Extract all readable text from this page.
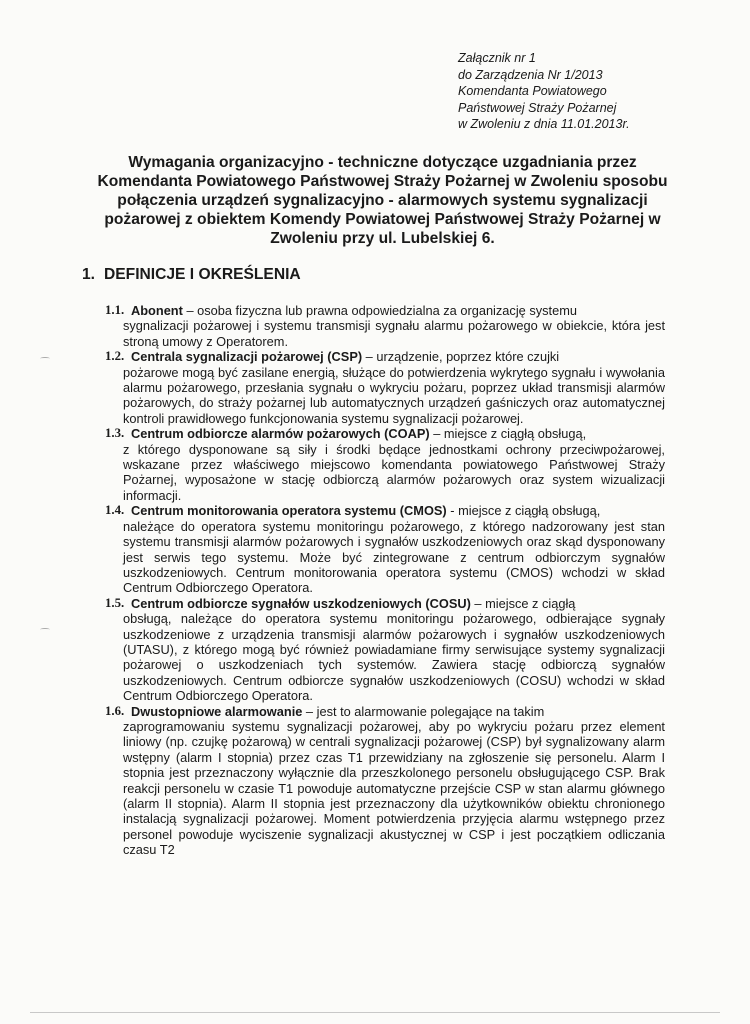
Załącznik nr 1
do Zarządzenia Nr 1/2013
Komendanta Powiatowego
Państwowej Straży Pożarnej
w Zwoleniu z dnia 11.01.2013r.
Wymagania organizacyjno - techniczne dotyczące uzgadniania przez Komendanta Powiatowego Państwowej Straży Pożarnej w Zwoleniu sposobu połączenia urządzeń sygnalizacyjno - alarmowych systemu sygnalizacji pożarowej z obiektem Komendy Powiatowej Państwowej Straży Pożarnej w Zwoleniu przy ul. Lubelskiej 6.
1. DEFINICJE I OKREŚLENIA
1.1. Abonent – osoba fizyczna lub prawna odpowiedzialna za organizację systemu
sygnalizacji pożarowej i systemu transmisji sygnału alarmu pożarowego w obiekcie, która jest stroną umowy z Operatorem.
1.2. Centrala sygnalizacji pożarowej (CSP) – urządzenie, poprzez które czujki
pożarowe mogą być zasilane energią, służące do potwierdzenia wykrytego sygnału i wywołania alarmu pożarowego, przesłania sygnału o wykryciu pożaru, poprzez układ transmisji alarmów pożarowych, do straży pożarnej lub automatycznych urządzeń gaśniczych oraz automatycznej kontroli prawidłowego funkcjonowania systemu sygnalizacji pożarowej.
1.3. Centrum odbiorcze alarmów pożarowych (COAP) – miejsce z ciągłą obsługą,
z którego dysponowane są siły i środki będące jednostkami ochrony przeciwpożarowej, wskazane przez właściwego miejscowo komendanta powiatowego Państwowej Straży Pożarnej, wyposażone w stację odbiorczą alarmów pożarowych oraz system wizualizacji informacji.
1.4. Centrum monitorowania operatora systemu (CMOS) - miejsce z ciągłą obsługą,
należące do operatora systemu monitoringu pożarowego, z którego nadzorowany jest stan systemu transmisji alarmów pożarowych i sygnałów uszkodzeniowych oraz skąd dysponowany jest serwis tego systemu. Może być zintegrowane z centrum odbiorczym sygnałów uszkodzeniowych. Centrum monitorowania operatora systemu (CMOS) wchodzi w skład Centrum Odbiorczego Operatora.
1.5. Centrum odbiorcze sygnałów uszkodzeniowych (COSU) – miejsce z ciągłą
obsługą, należące do operatora systemu monitoringu pożarowego, odbierające sygnały uszkodzeniowe z urządzenia transmisji alarmów pożarowych i sygnałów uszkodzeniowych (UTASU), z którego mogą być również powiadamiane firmy serwisujące systemy sygnalizacji pożarowej o uszkodzeniach tych systemów. Zawiera stację odbiorczą sygnałów uszkodzeniowych. Centrum odbiorcze sygnałów uszkodzeniowych (COSU) wchodzi w skład Centrum Odbiorczego Operatora.
1.6. Dwustopniowe alarmowanie – jest to alarmowanie polegające na takim
zaprogramowaniu systemu sygnalizacji pożarowej, aby po wykryciu pożaru przez element liniowy (np. czujkę pożarową) w centrali sygnalizacji pożarowej (CSP) był sygnalizowany alarm wstępny (alarm I stopnia) przez czas T1 przewidziany na zgłoszenie się personelu. Alarm I stopnia jest przeznaczony wyłącznie dla przeszkolonego personelu obsługującego CSP. Brak reakcji personelu w czasie T1 powoduje automatyczne przejście CSP w stan alarmu głównego (alarm II stopnia). Alarm II stopnia jest przeznaczony dla użytkowników obiektu chronionego instalacją sygnalizacji pożarowej. Moment potwierdzenia przyjęcia alarmu wstępnego przez personel powoduje wyciszenie sygnalizacji akustycznej w CSP i jest początkiem odliczania czasu T2
